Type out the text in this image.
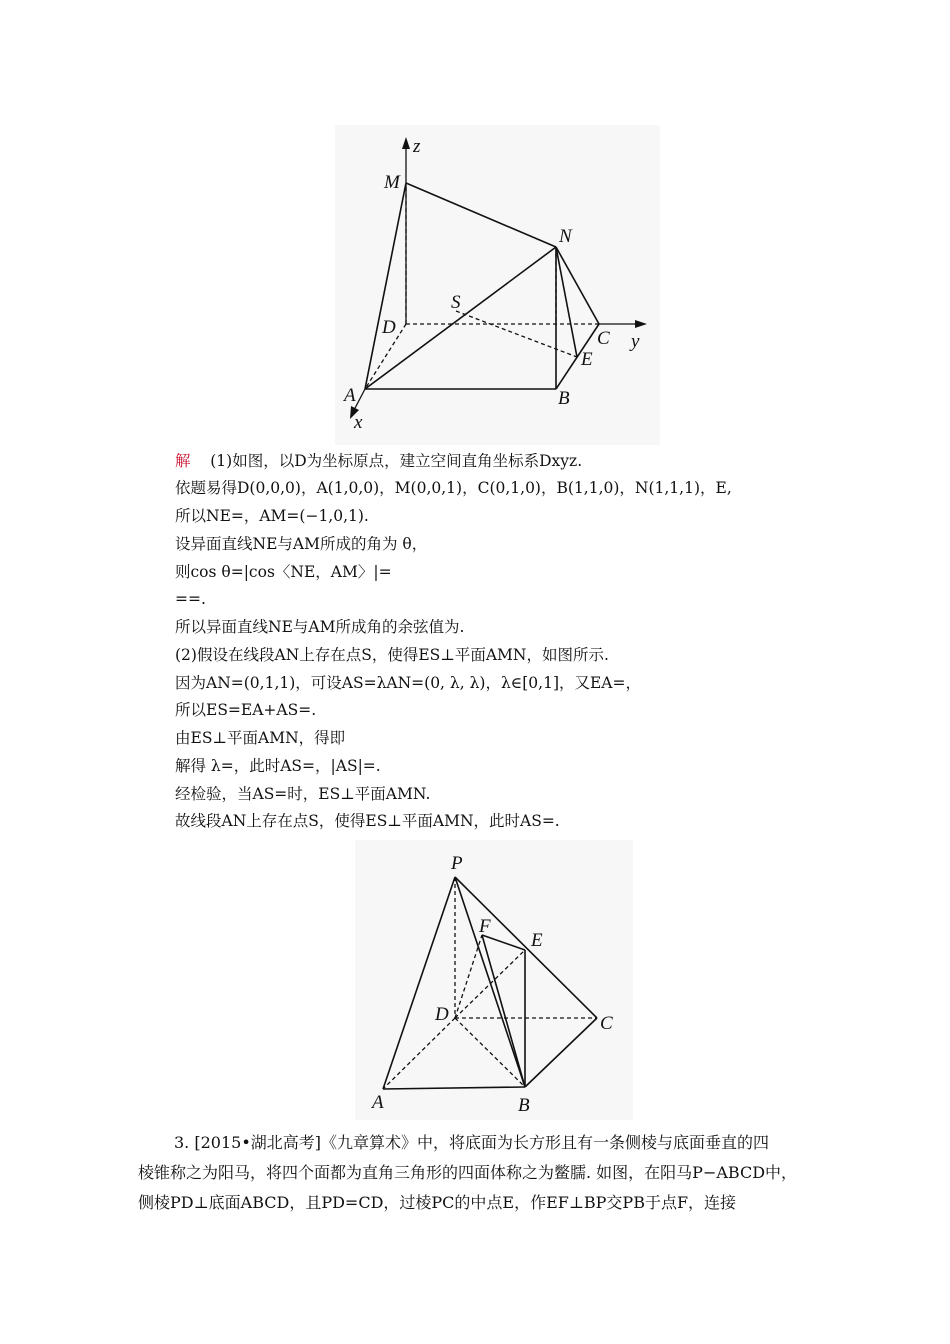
z
M
N
S
D
C y
E
A	B
x
解 (1)如图，以D为坐标原点，建立空间直角坐标系Dxyz.
依题易得D(0,0,0)，A(1,0,0)，M(0,0,1)，C(0,1,0)，B(1,1,0)，N(1,1,1)，E,
所以NE=，AM=(−1,0,1).
设异面直线NE与AM所成的角为 θ，
则cos θ=|cos〈NE，AM〉|=
==.
所以异面直线NE与AM所成角的余弦值为.
(2)假设在线段AN上存在点S，使得ES⊥平面AMN，如图所示.
因为AN=(0,1,1)，可设AS=λAN=(0, λ, λ)，λ∈[0,1]，又EA=，
所以ES=EA+AS=.
由ES⊥平面AMN，得即
解得 λ=，此时AS=，|AS|=.
经检验，当AS=时，ES⊥平面AMN.
故线段AN上存在点S，使得ES⊥平面AMN，此时AS=.
P
F
E
D	C
A	B
3. [2015•湖北高考]《九章算术》中，将底面为长方形且有一条侧棱与底面垂直的四
棱锥称之为阳马，将四个面都为直角三角形的四面体称之为鳖臑. 如图，在阳马P−ABCD中，
侧棱PD⊥底面ABCD，且PD=CD，过棱PC的中点E，作EF⊥BP交PB于点F，连接
